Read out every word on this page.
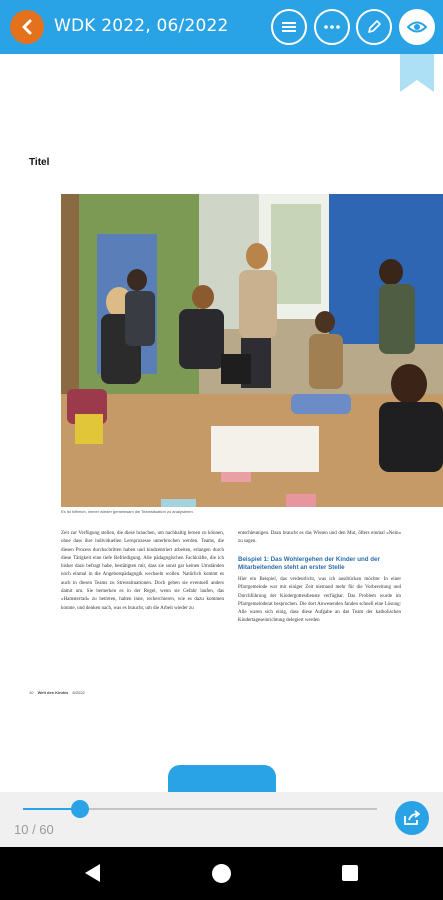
WDK 2022, 06/2022
Titel
Es ist hilfreich, immer wieder gemeinsam die Teamsituation zu analysieren.

Zeit zur Verfügung stellen, die diese brauchen, um nachhaltig lernen zu können, ohne dass ihre individuellen Lernprozesse unterbrochen werden. Teams, die diesen Prozess durchschritten haben und kindzentriert arbeiten, erlangen durch diese Tätigkeit eine tiefe Befriedigung. Alle pädagogischen Fachkräfte, die ich bisher dazu befragt habe, bestätigten mir, dass sie sonst gar keinen Umständen noch einmal in die Angebotspädagogik wechseln wollen. Natürlich kommt es auch in diesen Teams zu Stresssituationen. Doch geben sie eventuell anders damit um. Sie bemerken es in der Regel, wenn sie Gefahr laufen, das »Hamsterrad« zu betreten, halten inne, recherchieren, wie es dazu kommen konnte, und denken nach, was es braucht, um die Arbeit wieder zu

entschleunigen. Dazu braucht es das Wissen und den Mut, öfters einmal »Nein« zu sagen.

Beispiel 1: Das Wohlergehen der Kinder und der Mitarbeitenden steht an erster Stelle

Hier ein Beispiel, das verdeutlicht, was ich ausdrücken möchte: In einer Pfarrgemeinde war mit einiger Zeit niemand mehr für die Vorbereitung und Durchführung der Kindergottesdienste verfügbar. Das Problem wurde im Pfarrgemeinderat besprochen. Die dort Anwesenden fanden schnell eine Lösung: Alle waren sich einig, dass diese Aufgabe an das Team der katholischen Kindertageseinrichtung delegiert werden

10 Welt des Kindes 6/2022
10 / 60
